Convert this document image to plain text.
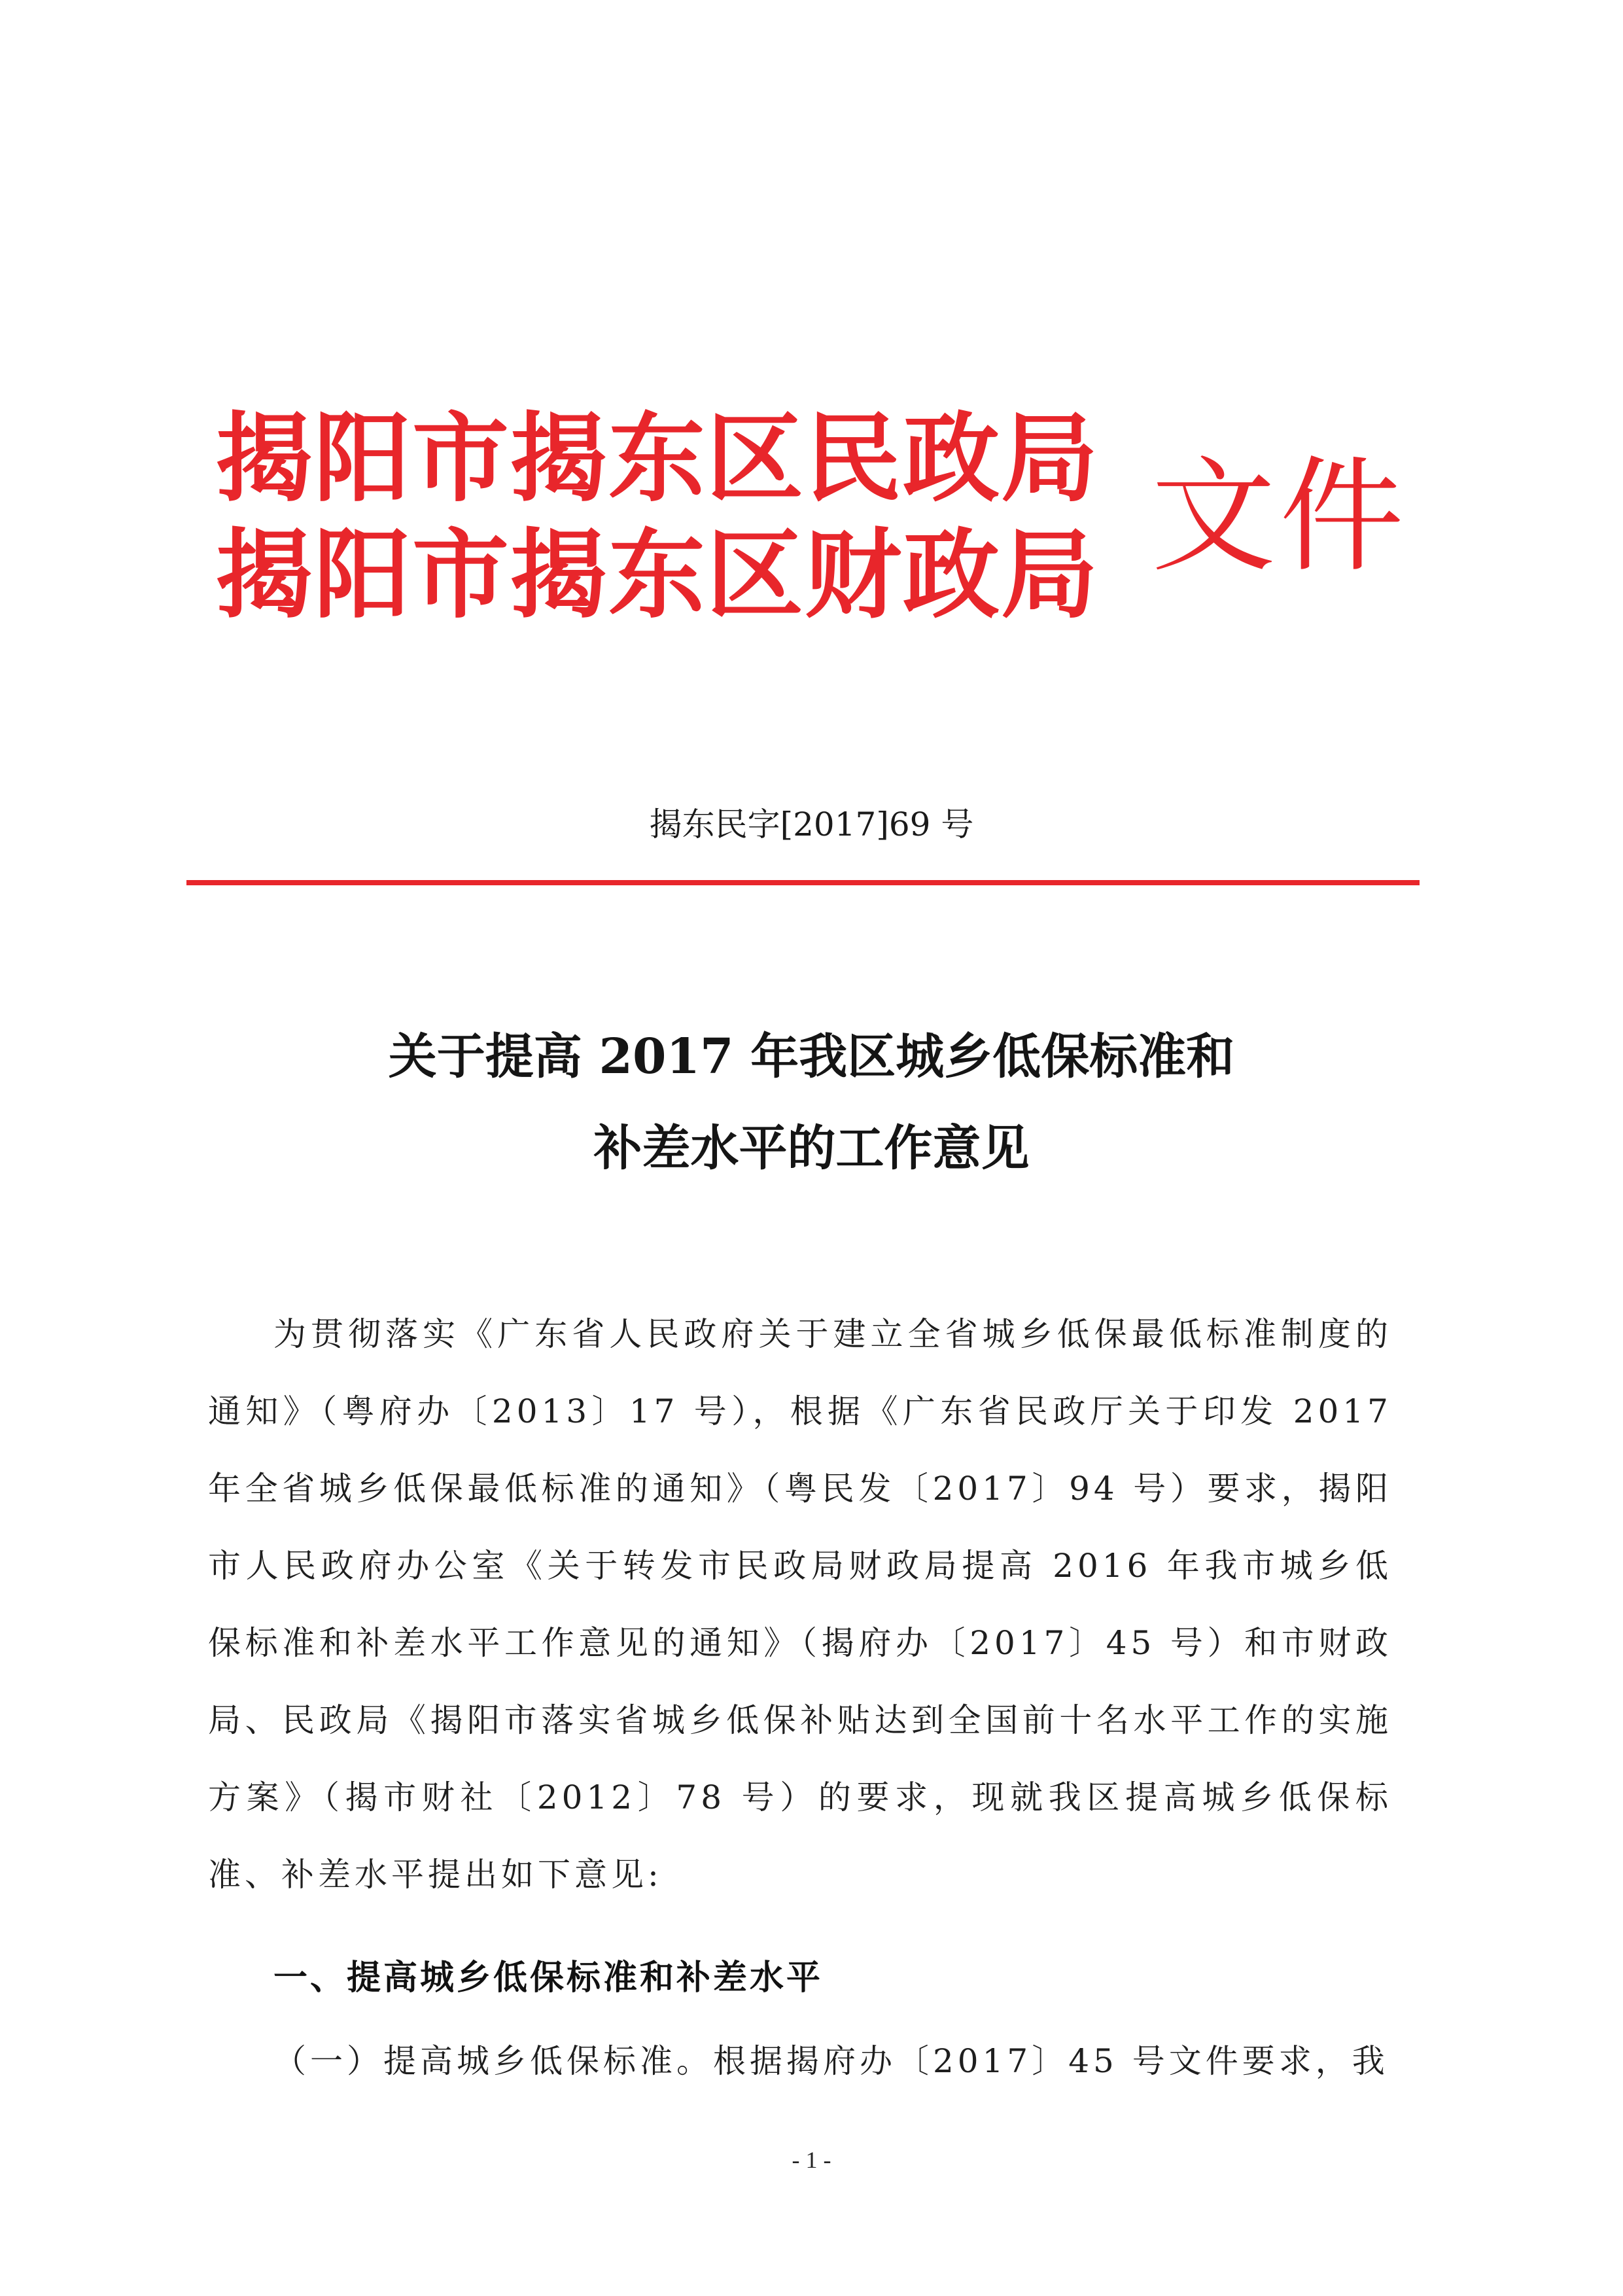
揭阳市揭东区民政局
揭阳市揭东区财政局 文件
揭东民字[2017]69 号
关于提高 2017 年我区城乡低保标准和
补差水平的工作意见

为贯彻落实《广东省人民政府关于建立全省城乡低保最低标准制度的通知》（粤府办〔2013〕17 号），根据《广东省民政厅关于印发 2017 年全省城乡低保最低标准的通知》（粤民发〔2017〕94 号）要求，揭阳市人民政府办公室《关于转发市民政局财政局提高 2016 年我市城乡低保标准和补差水平工作意见的通知》（揭府办〔2017〕45 号）和市财政局、民政局《揭阳市落实省城乡低保补贴达到全国前十名水平工作的实施方案》（揭市财社〔2012〕78 号）的要求，现就我区提高城乡低保标准、补差水平提出如下意见:

一、提高城乡低保标准和补差水平
（一）提高城乡低保标准。根据揭府办〔2017〕45 号文件要求，我
- 1 -
